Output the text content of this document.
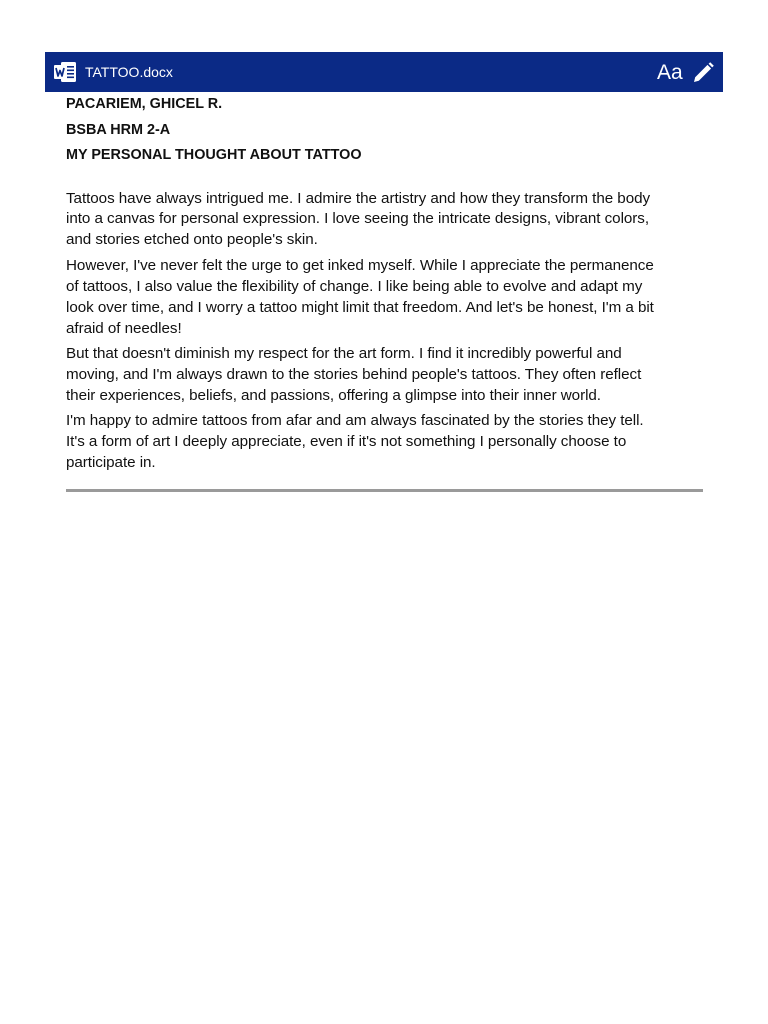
TATTOO.docx	Aa

PACARIEM, GHICEL R.

BSBA HRM 2-A

MY PERSONAL THOUGHT ABOUT TATTOO

Tattoos have always intrigued me. I admire the artistry and how they transform the body
into a canvas for personal expression. I love seeing the intricate designs, vibrant colors,
and stories etched onto people's skin.

However, I've never felt the urge to get inked myself. While I appreciate the permanence
of tattoos, I also value the flexibility of change. I like being able to evolve and adapt my
look over time, and I worry a tattoo might limit that freedom. And let's be honest, I'm a bit
afraid of needles!

But that doesn't diminish my respect for the art form. I find it incredibly powerful and
moving, and I'm always drawn to the stories behind people's tattoos. They often reflect
their experiences, beliefs, and passions, offering a glimpse into their inner world.

I'm happy to admire tattoos from afar and am always fascinated by the stories they tell.
It's a form of art I deeply appreciate, even if it's not something I personally choose to
participate in.
